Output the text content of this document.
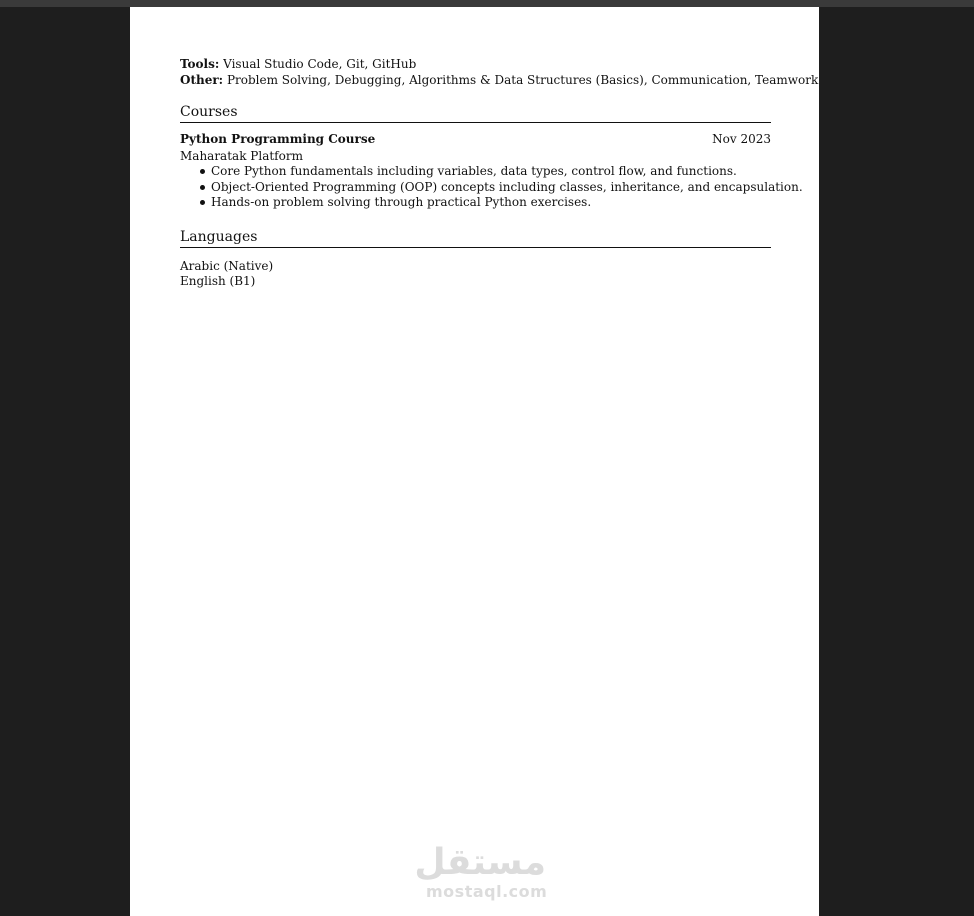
Tools: Visual Studio Code, Git, GitHub
Other: Problem Solving, Debugging, Algorithms & Data Structures (Basics), Communication, Teamwork
Courses
Python Programming Course	Nov 2023
Maharatak Platform
Core Python fundamentals including variables, data types, control flow, and functions.
Object-Oriented Programming (OOP) concepts including classes, inheritance, and encapsulation.
Hands-on problem solving through practical Python exercises.
Languages
Arabic (Native)
English (B1)
مستقل
mostaql.com
